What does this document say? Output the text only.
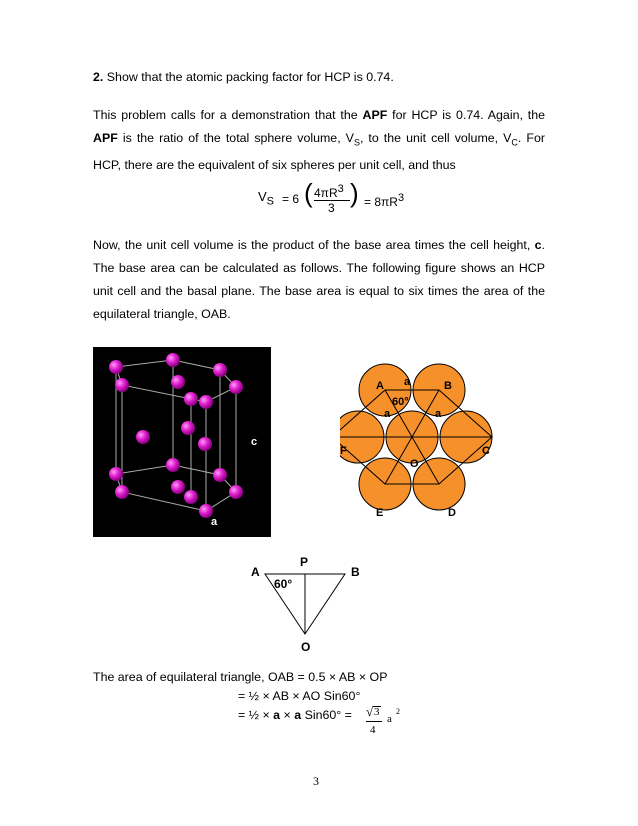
2. Show that the atomic packing factor for HCP is 0.74.
This problem calls for a demonstration that the APF for HCP is 0.74. Again, the
APF is the ratio of the total sphere volume, $V_S$, to the unit cell volume, $V_C$. For
HCP, there are the equivalent of six spheres per unit cell, and thus
$V_S = 6$ ( $4\pi R^3$
3 ) = $8\pi R^3$
Now, the unit cell volume is the product of the base area times the cell height, c.
The base area can be calculated as follows. The following figure shows an HCP
unit cell and the basal plane. The base area is equal to six times the area of the
equilateral triangle, OAB.
c
a
A	B
C
D
E
F
O
a
a	a
60°
A	B
P
O
60°
The area of equilateral triangle, OAB = 0.5 × AB × OP
= ½ × AB × AO Sin60°
= ½ × a × a Sin60° =	√ 3
4
a
2
3
